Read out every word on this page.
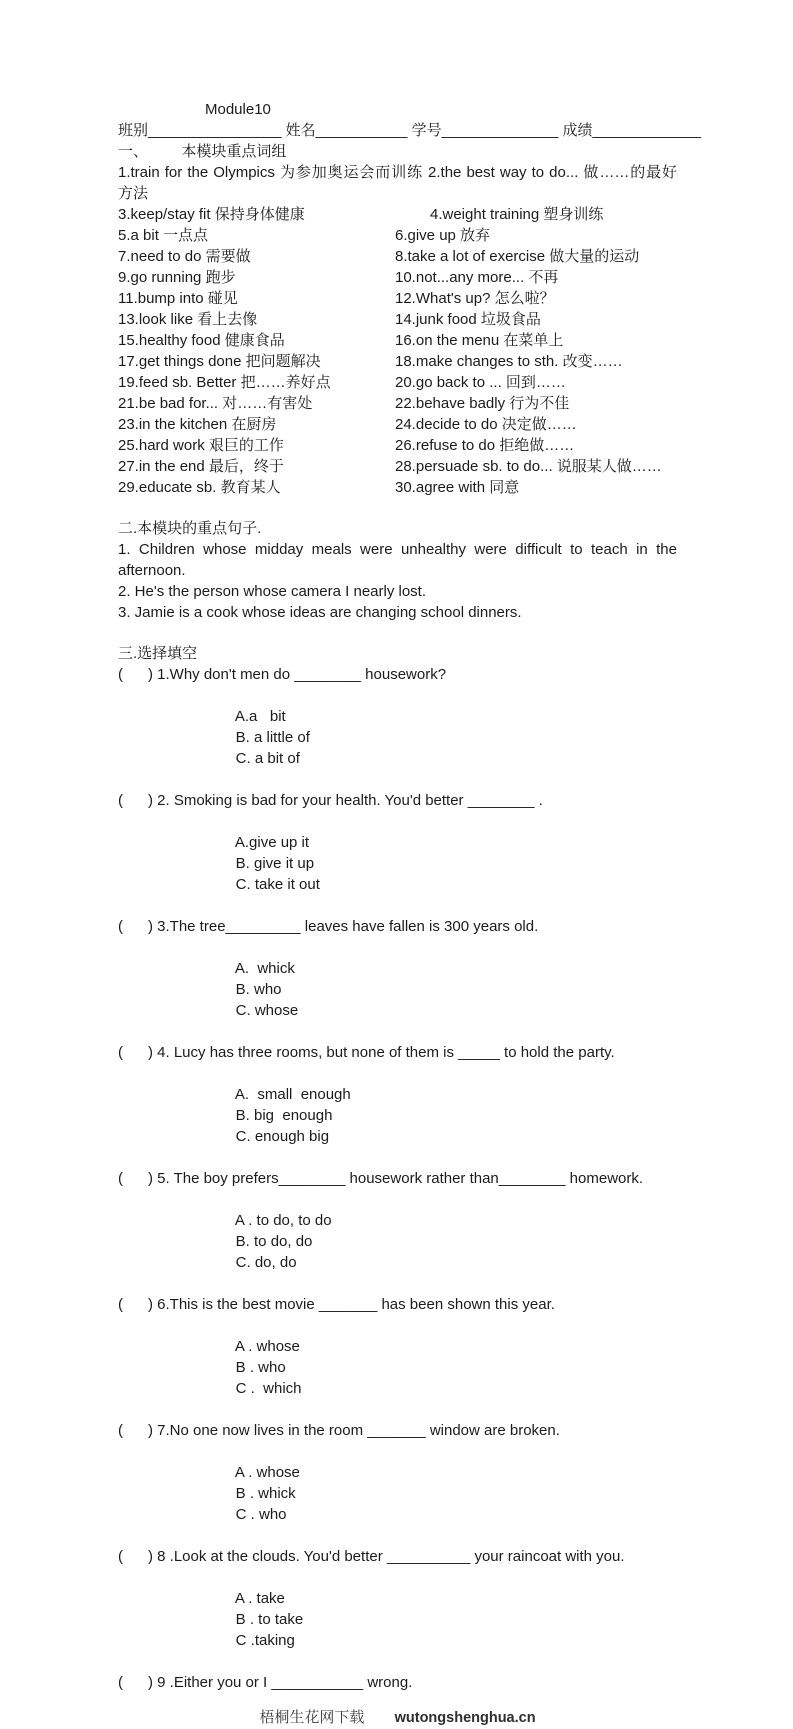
Module10
班别________________ 姓名___________ 学号______________ 成绩_____________
一、        本模块重点词组
1.train for the Olympics 为参加奥运会而训练 2.the best way to do... 做……的最好
方法
3.keep/stay fit 保持身体健康	4.weight training 塑身训练
5.a bit 一点点	6.give up 放弃
7.need to do 需要做	8.take a lot of exercise 做大量的运动
9.go running 跑步	10.not...any more... 不再
11.bump into 碰见	12.What's up? 怎么啦？
13.look like 看上去像	14.junk food 垃圾食品
15.healthy food 健康食品	16.on the menu 在菜单上
17.get things done 把问题解决	18.make changes to sth. 改变……
19.feed sb. Better 把……养好点	20.go back to ... 回到……
21.be bad for... 对……有害处	22.behave badly 行为不佳
23.in the kitchen 在厨房	24.decide to do 决定做……
25.hard work 艰巨的工作	26.refuse to do 拒绝做……
27.in the end 最后，终于	28.persuade sb. to do... 说服某人做……
29.educate sb. 教育某人	30.agree with 同意
二.本模块的重点句子.
1. Children whose midday meals were unhealthy were difficult to teach in the
afternoon.
2. He's the person whose camera I nearly lost.
3. Jamie is a cook whose ideas are changing school dinners.
三.选择填空
(      ) 1.Why don't men do ________ housework?

A.a   bit
B. a little of
C. a bit of

(      ) 2. Smoking is bad for your health. You'd better ________ .

A.give up it
B. give it up
C. take it out

(      ) 3.The tree_________ leaves have fallen is 300 years old.

A.  whick
B. who
C. whose

(      ) 4. Lucy has three rooms, but none of them is _____ to hold the party.

A.  small  enough
B. big  enough
C. enough big

(      ) 5. The boy prefers________ housework rather than________ homework.

A . to do, to do
B. to do, do
C. do, do

(      ) 6.This is the best movie _______ has been shown this year.

A . whose
B . who
C .  which

(      ) 7.No one now lives in the room _______ window are broken.

A . whose
B . whick
C . who

(      ) 8 .Look at the clouds. You'd better __________ your raincoat with you.

A . take
B . to take
C .taking

(      ) 9 .Either you or I ___________ wrong.
梧桐生花网下载 wutongshenghua.cn
